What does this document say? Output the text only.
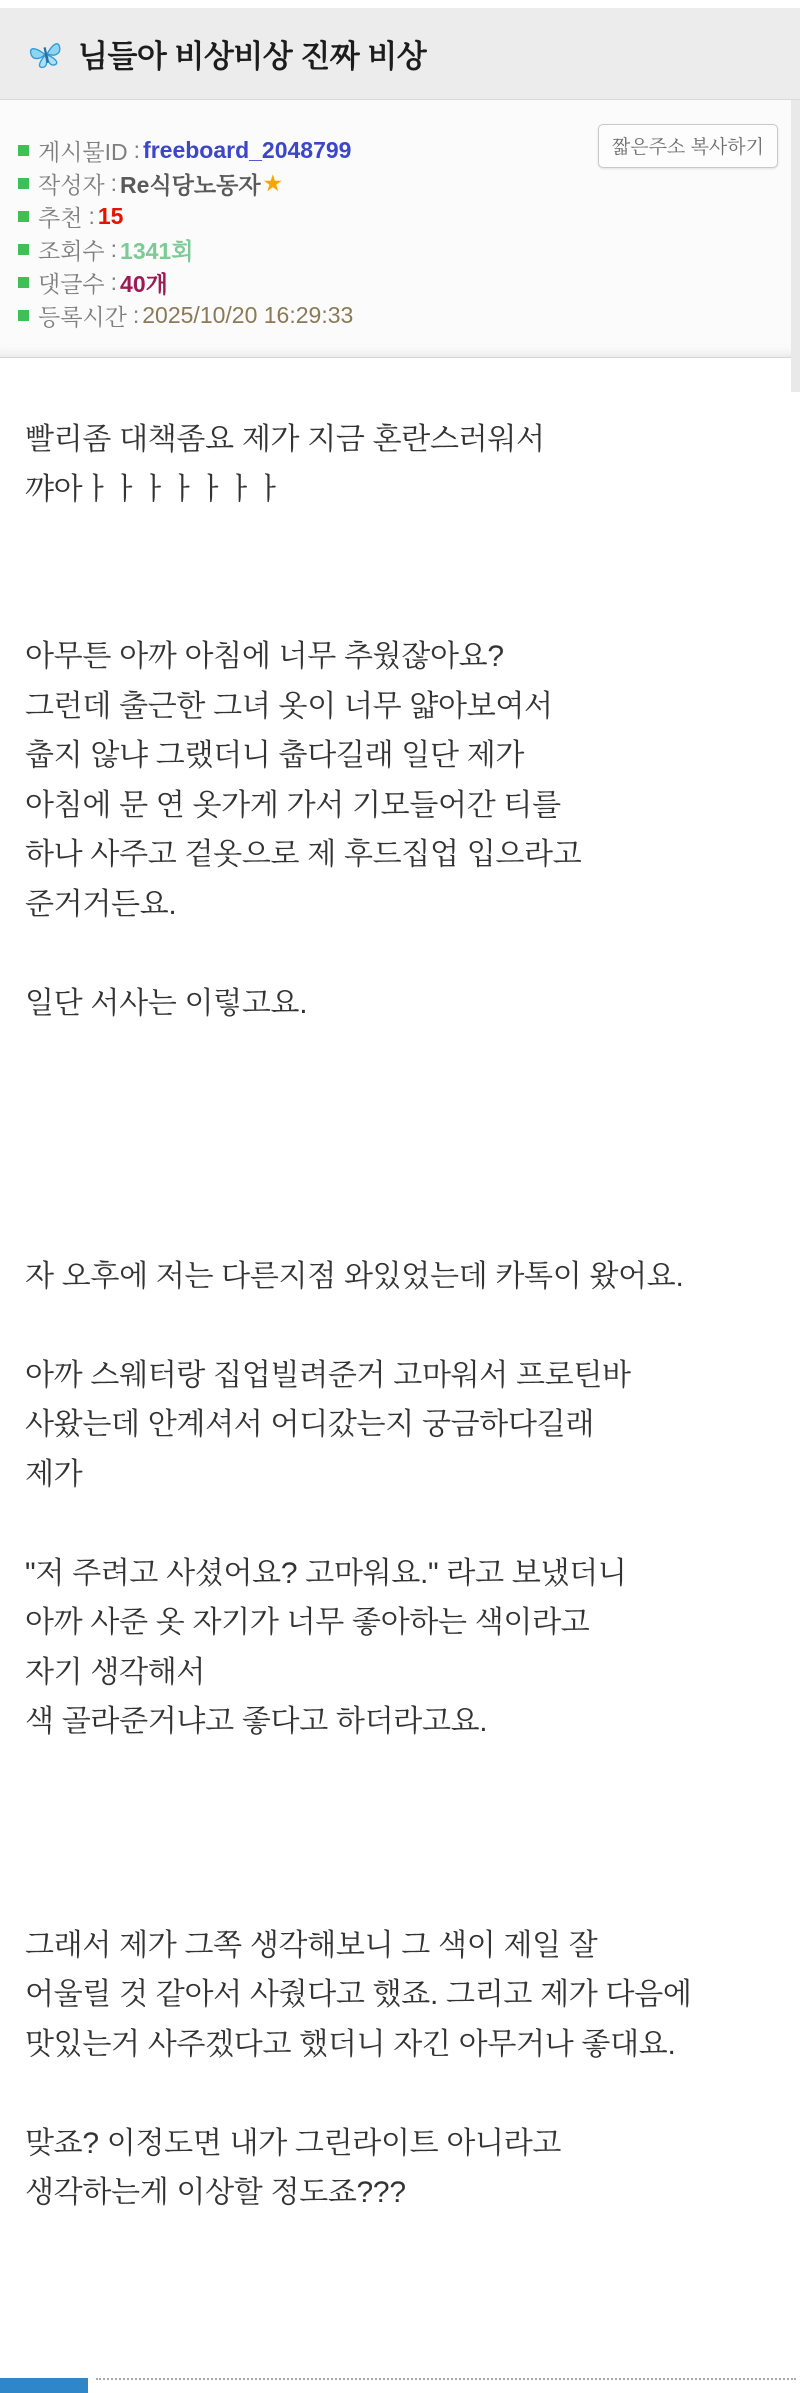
님들아 비상비상 진짜 비상
게시물ID : freeboard_2048799
작성자 : Re식당노동자 ★
추천 : 15
조회수 : 1341회
댓글수 : 40개
등록시간 : 2025/10/20 16:29:33
짧은주소 복사하기
빨리좀 대책좀요 제가 지금 혼란스러워서
꺄아ㅏㅏㅏㅏㅏㅏㅏ
아무튼 아까 아침에 너무 추웠잖아요?
그런데 출근한 그녀 옷이 너무 얇아보여서
춥지 않냐 그랬더니 춥다길래 일단 제가
아침에 문 연 옷가게 가서 기모들어간 티를
하나 사주고 겉옷으로 제 후드집업 입으라고
준거거든요.
일단 서사는 이렇고요.
자 오후에 저는 다른지점 와있었는데 카톡이 왔어요.
아까 스웨터랑 집업빌려준거 고마워서 프로틴바
사왔는데 안계셔서 어디갔는지 궁금하다길래
제가
"저 주려고 사셨어요? 고마워요." 라고 보냈더니
아까 사준 옷 자기가 너무 좋아하는 색이라고
자기 생각해서
색 골라준거냐고 좋다고 하더라고요.
그래서 제가 그쪽 생각해보니 그 색이 제일 잘
어울릴 것 같아서 사줬다고 했죠. 그리고 제가 다음에
맛있는거 사주겠다고 했더니 자긴 아무거나 좋대요.
맞죠? 이정도면 내가 그린라이트 아니라고
생각하는게 이상할 정도죠???
